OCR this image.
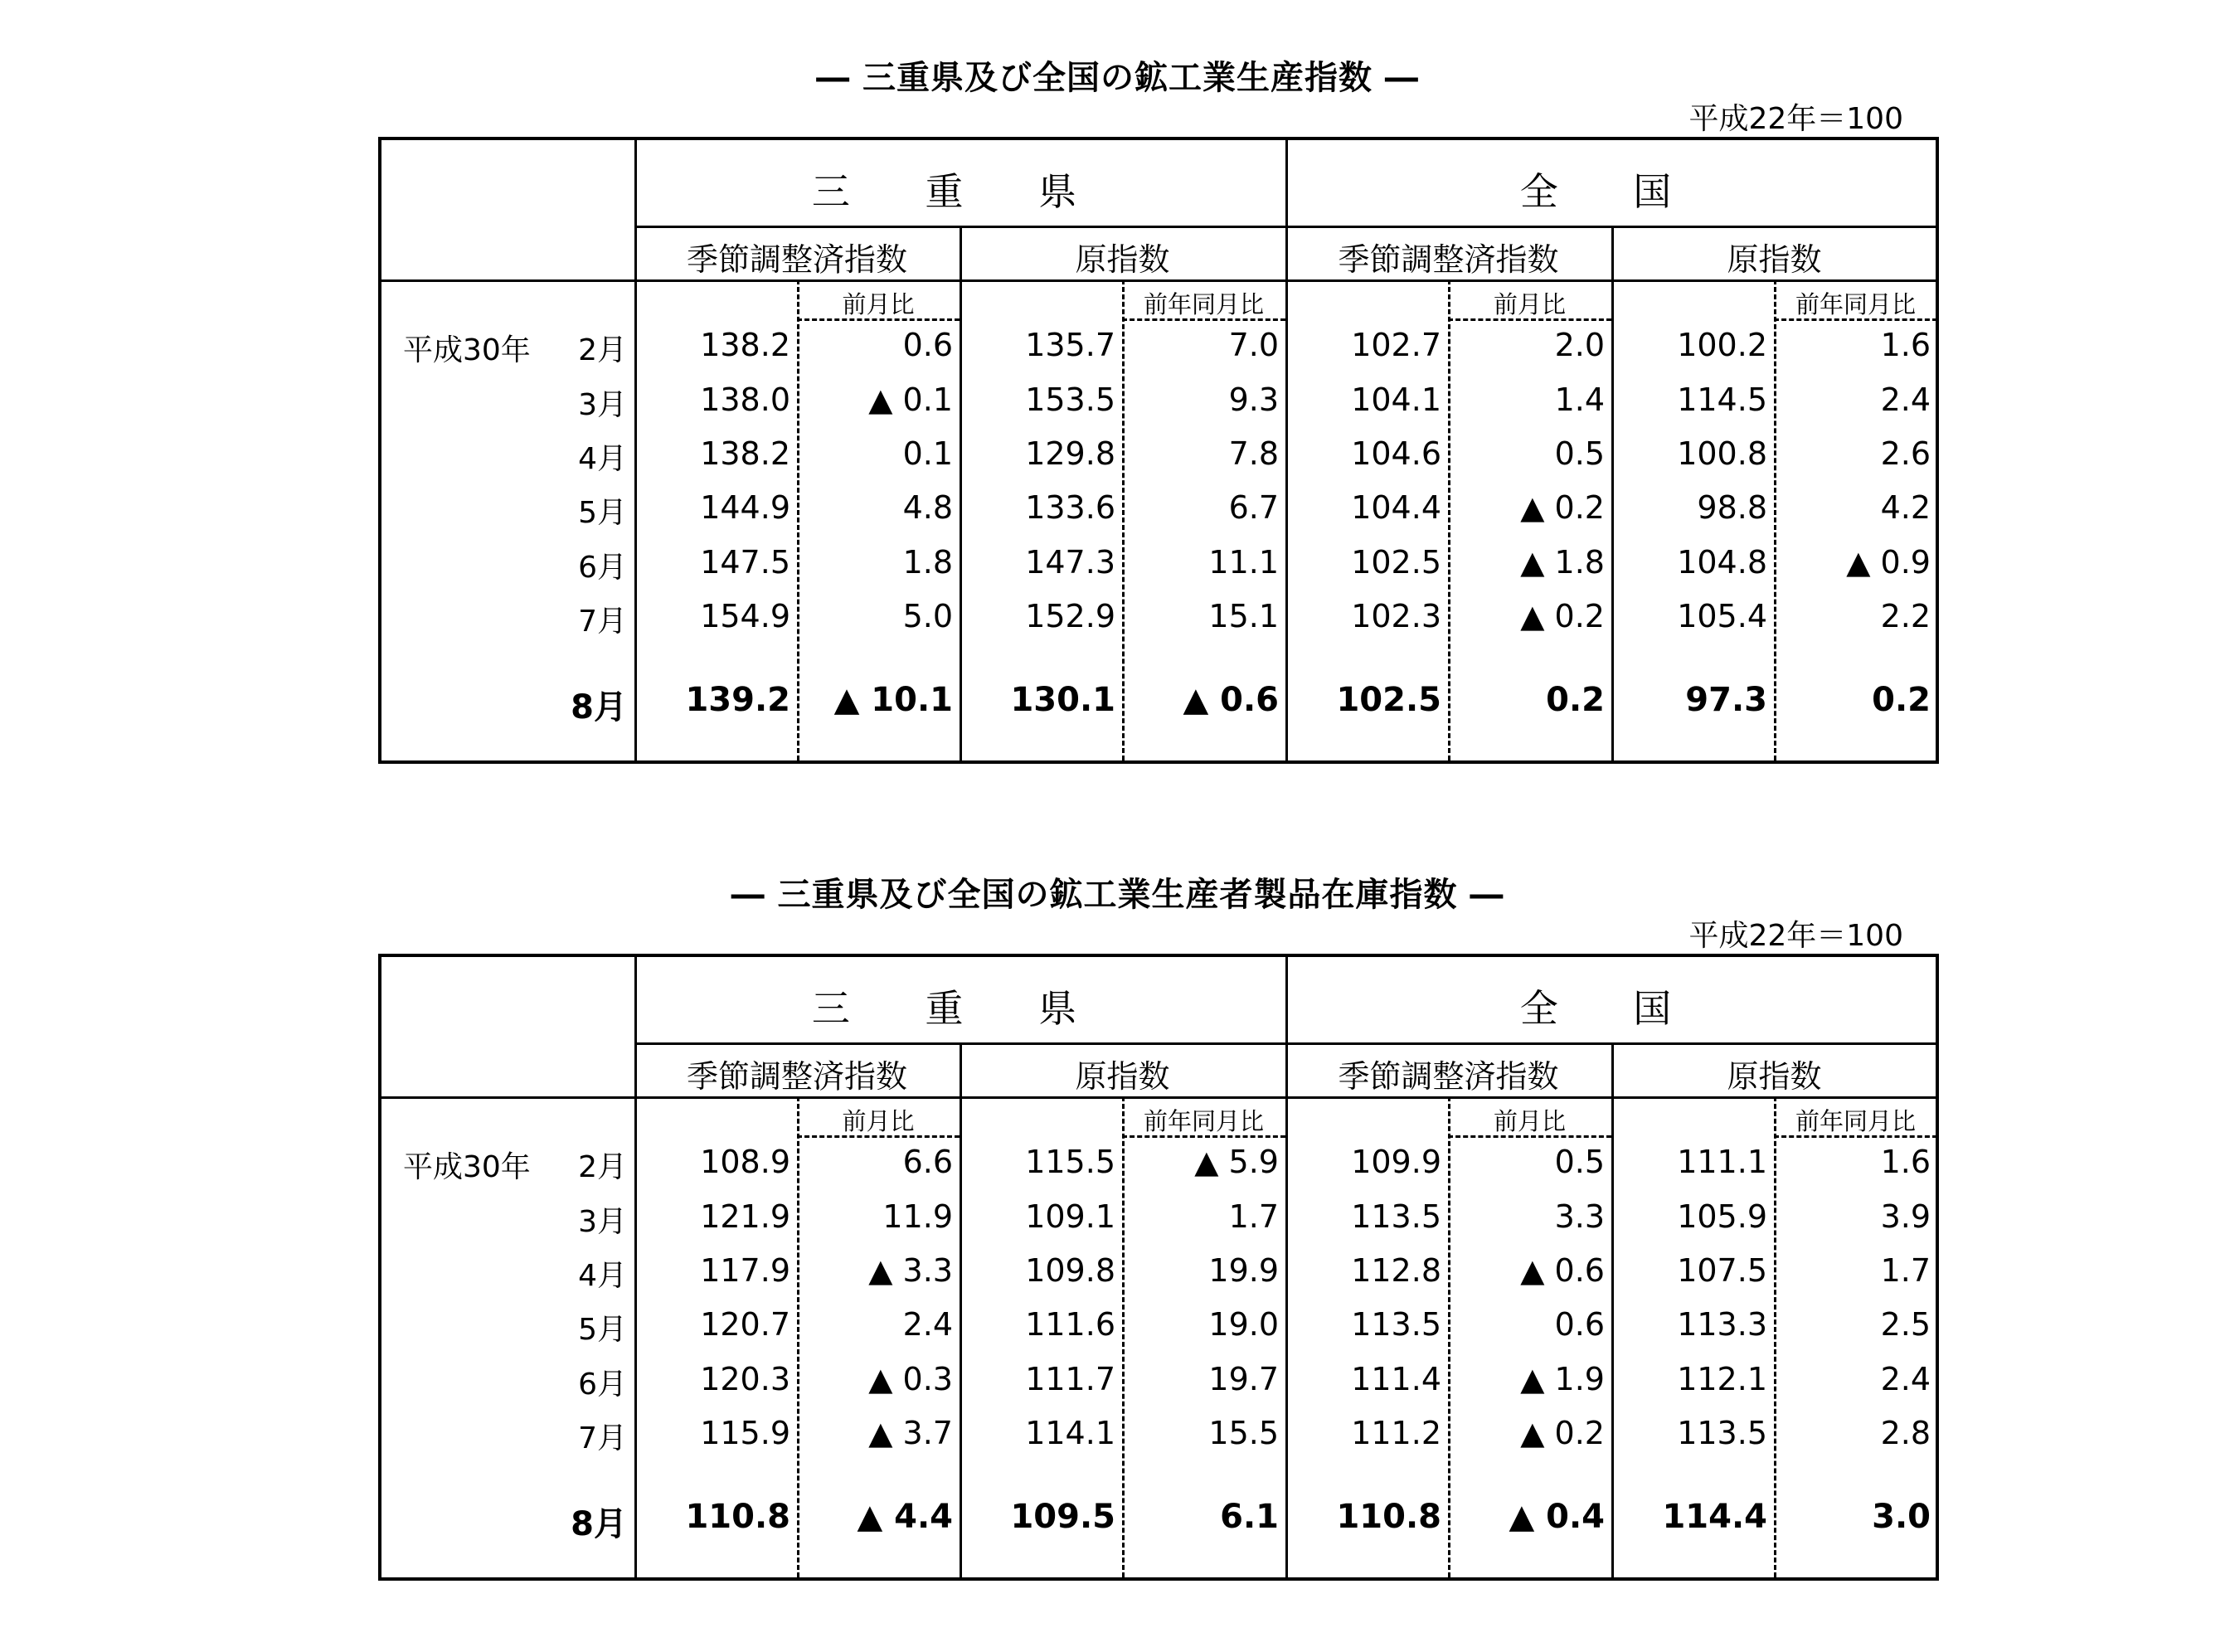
― 三重県及び全国の鉱工業生産指数 ―
平成22年＝100
三 重 県	全 国
季節調整済指数	原指数	季節調整済指数	原指数
前月比	前年同月比	前月比	前年同月比
平成30年	2月	138.2	0.6	135.7	7.0	102.7	2.0	100.2	1.6
3月	138.0	▲ 0.1	153.5	9.3	104.1	1.4	114.5	2.4
4月	138.2	0.1	129.8	7.8	104.6	0.5	100.8	2.6
5月	144.9	4.8	133.6	6.7	104.4	▲ 0.2	98.8	4.2
6月	147.5	1.8	147.3	11.1	102.5	▲ 1.8	104.8	▲ 0.9
7月	154.9	5.0	152.9	15.1	102.3	▲ 0.2	105.4	2.2
8月	139.2	▲ 10.1	130.1	▲ 0.6	102.5	0.2	97.3	0.2
― 三重県及び全国の鉱工業生産者製品在庫指数 ―
平成22年＝100
三 重 県	全 国
季節調整済指数	原指数	季節調整済指数	原指数
前月比	前年同月比	前月比	前年同月比
平成30年	2月	108.9	6.6	115.5	▲ 5.9	109.9	0.5	111.1	1.6
3月	121.9	11.9	109.1	1.7	113.5	3.3	105.9	3.9
4月	117.9	▲ 3.3	109.8	19.9	112.8	▲ 0.6	107.5	1.7
5月	120.7	2.4	111.6	19.0	113.5	0.6	113.3	2.5
6月	120.3	▲ 0.3	111.7	19.7	111.4	▲ 1.9	112.1	2.4
7月	115.9	▲ 3.7	114.1	15.5	111.2	▲ 0.2	113.5	2.8
8月	110.8	▲ 4.4	109.5	6.1	110.8	▲ 0.4	114.4	3.0
